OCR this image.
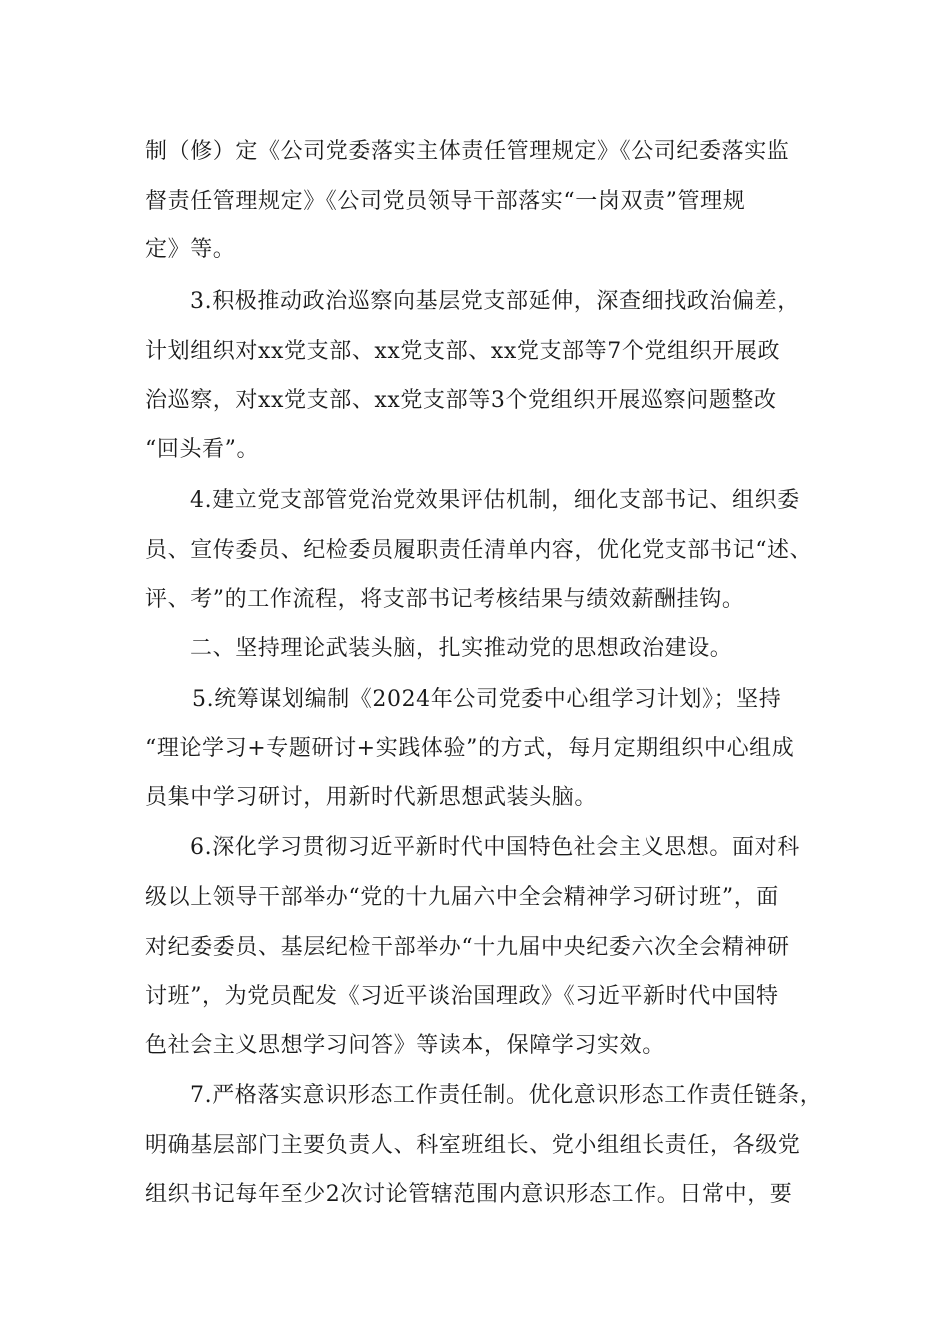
制（修）定《公司党委落实主体责任管理规定》《公司纪委落实监
督责任管理规定》《公司党员领导干部落实“一岗双责”管理规
定》等。
3.积极推动政治巡察向基层党支部延伸，深查细找政治偏差，
计划组织对xx党支部、xx党支部、xx党支部等7个党组织开展政
治巡察，对xx党支部、xx党支部等3个党组织开展巡察问题整改
“回头看”。
4.建立党支部管党治党效果评估机制，细化支部书记、组织委
员、宣传委员、纪检委员履职责任清单内容，优化党支部书记“述、
评、考”的工作流程，将支部书记考核结果与绩效薪酬挂钩。
二、坚持理论武装头脑，扎实推动党的思想政治建设。
5.统筹谋划编制《2024年公司党委中心组学习计划》；坚持
“理论学习+专题研讨+实践体验”的方式，每月定期组织中心组成
员集中学习研讨，用新时代新思想武装头脑。
6.深化学习贯彻习近平新时代中国特色社会主义思想。面对科
级以上领导干部举办“党的十九届六中全会精神学习研讨班”，面
对纪委委员、基层纪检干部举办“十九届中央纪委六次全会精神研
讨班”，为党员配发《习近平谈治国理政》《习近平新时代中国特
色社会主义思想学习问答》等读本，保障学习实效。
7.严格落实意识形态工作责任制。优化意识形态工作责任链条，
明确基层部门主要负责人、科室班组长、党小组组长责任，各级党
组织书记每年至少2次讨论管辖范围内意识形态工作。日常中，要
